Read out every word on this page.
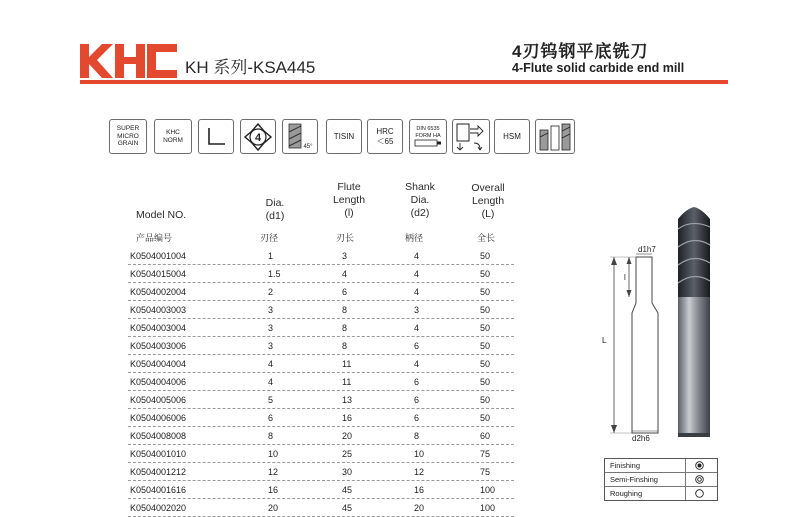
KH 系列-KSA445
4刃钨钢平底铣刀
4-Flute solid carbide end mill
SUPER
MICRO
GRAIN
KHC
NORM	4
45°
TISIN
HRC
＜65
DIN 6535
FORM HA	HSM
Model NO.
Dia.
(d1)
Flute
Length
(l)
Shank
Dia.
(d2)
Overall
Length
(L)
产品编号	刃径	刃长	柄径	全长
K0504001004	1	3	4	50
K0504015004	1.5	4	4	50
K0504002004	2	6	4	50
K0504003003	3	8	3	50
K0504003004	3	8	4	50
K0504003006	3	8	6	50
K0504004004	4	11	4	50
K0504004006	4	11	6	50
K0504005006	5	13	6	50
K0504006006	6	16	6	50
K0504008008	8	20	8	60
K0504001010	10	25	10	75
K0504001212	12	30	12	75
K0504001616	16	45	16	100
K0504002020	20	45	20	100
L
l
d1h7
d2h6
Finishing
Semi-Finshing
Roughing
